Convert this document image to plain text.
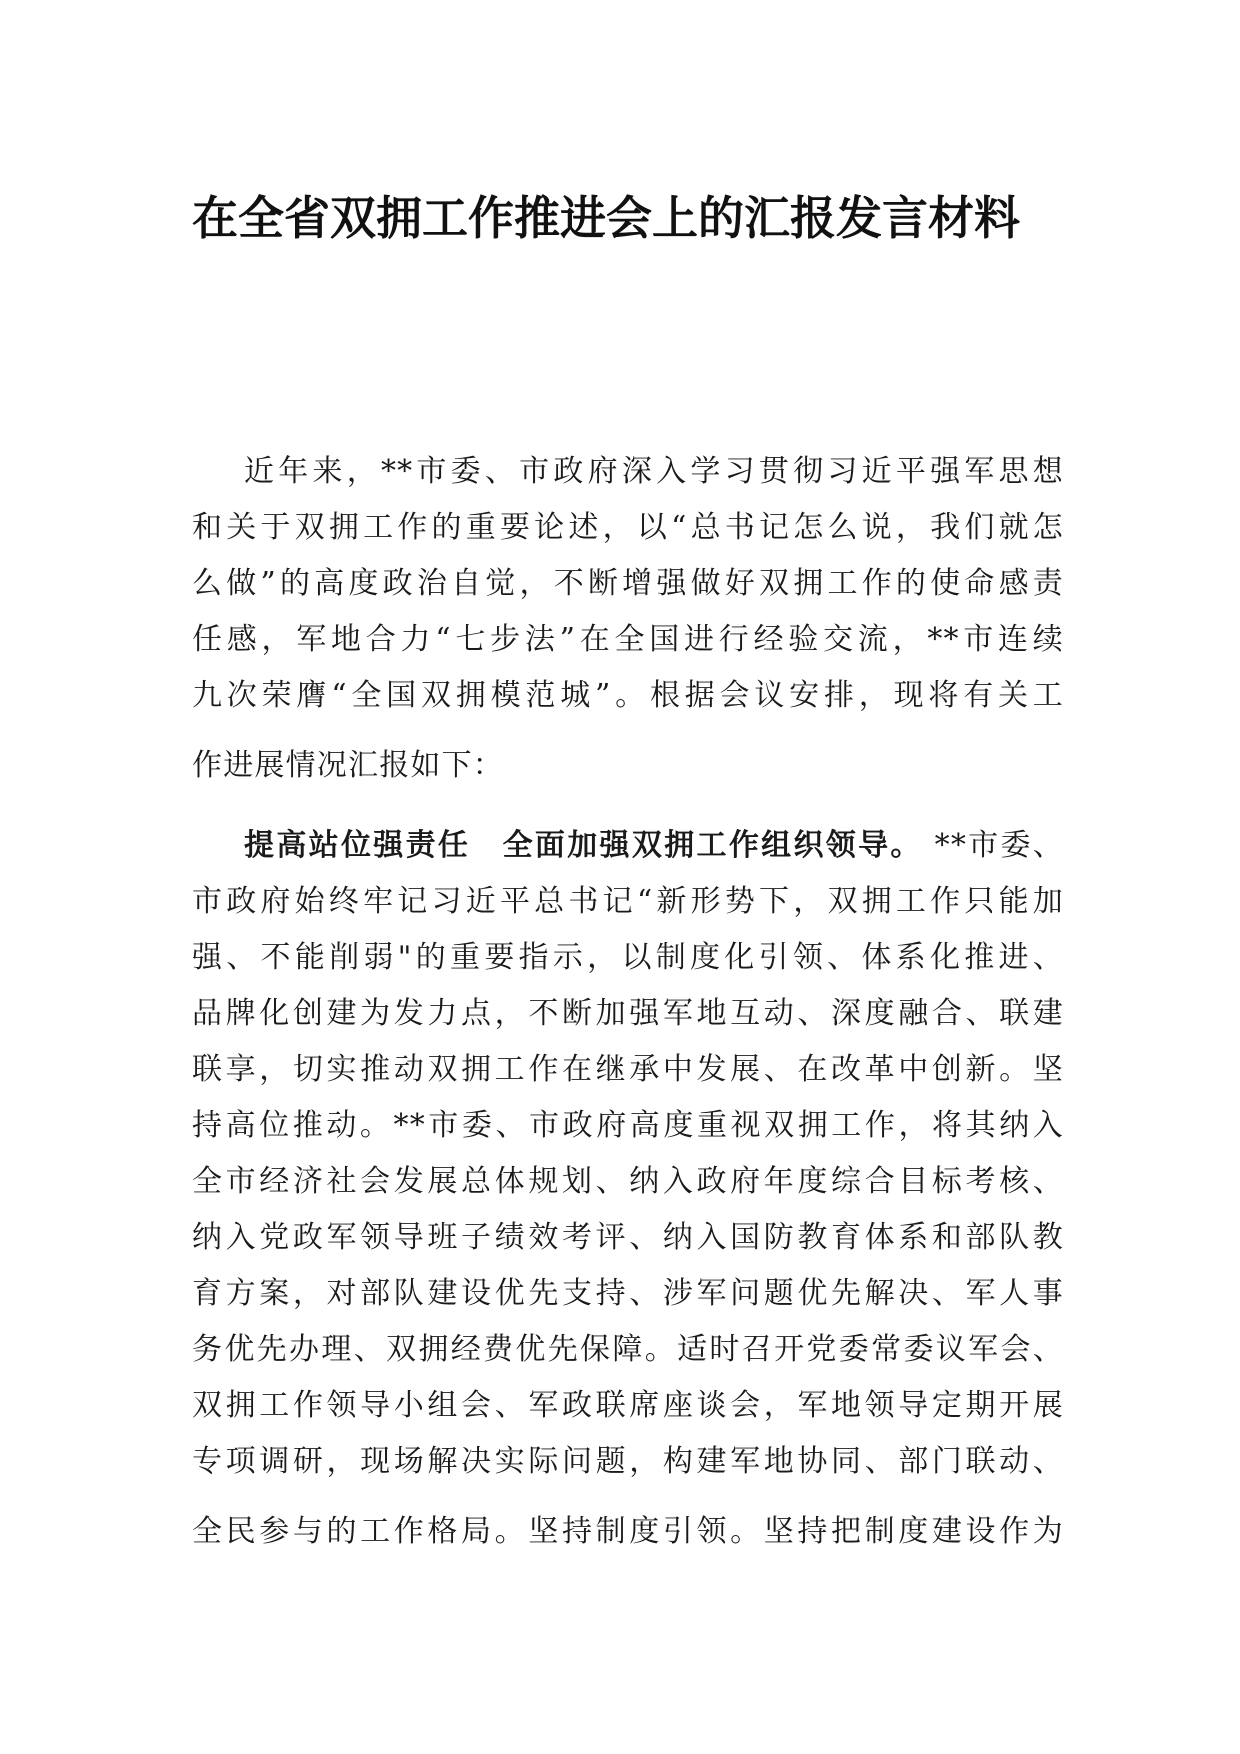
在全省双拥工作推进会上的汇报发言材料
近年来，**市委、市政府深入学习贯彻习近平强军思想
和关于双拥工作的重要论述，以“总书记怎么说，我们就怎
么做”的高度政治自觉，不断增强做好双拥工作的使命感责
任感，军地合力“七步法”在全国进行经验交流，**市连续
九次荣膺“全国双拥模范城”。根据会议安排，现将有关工
作进展情况汇报如下：
提高站位强责任　全面加强双拥工作组织领导。 **市委、
市政府始终牢记习近平总书记“新形势下，双拥工作只能加
强、不能削弱"的重要指示，以制度化引领、体系化推进、
品牌化创建为发力点，不断加强军地互动、深度融合、联建
联享，切实推动双拥工作在继承中发展、在改革中创新。坚
持高位推动。**市委、市政府高度重视双拥工作，将其纳入
全市经济社会发展总体规划、纳入政府年度综合目标考核、
纳入党政军领导班子绩效考评、纳入国防教育体系和部队教
育方案，对部队建设优先支持、涉军问题优先解决、军人事
务优先办理、双拥经费优先保障。适时召开党委常委议军会、
双拥工作领导小组会、军政联席座谈会，军地领导定期开展
专项调研，现场解决实际问题，构建军地协同、部门联动、
全民参与的工作格局。坚持制度引领。坚持把制度建设作为
